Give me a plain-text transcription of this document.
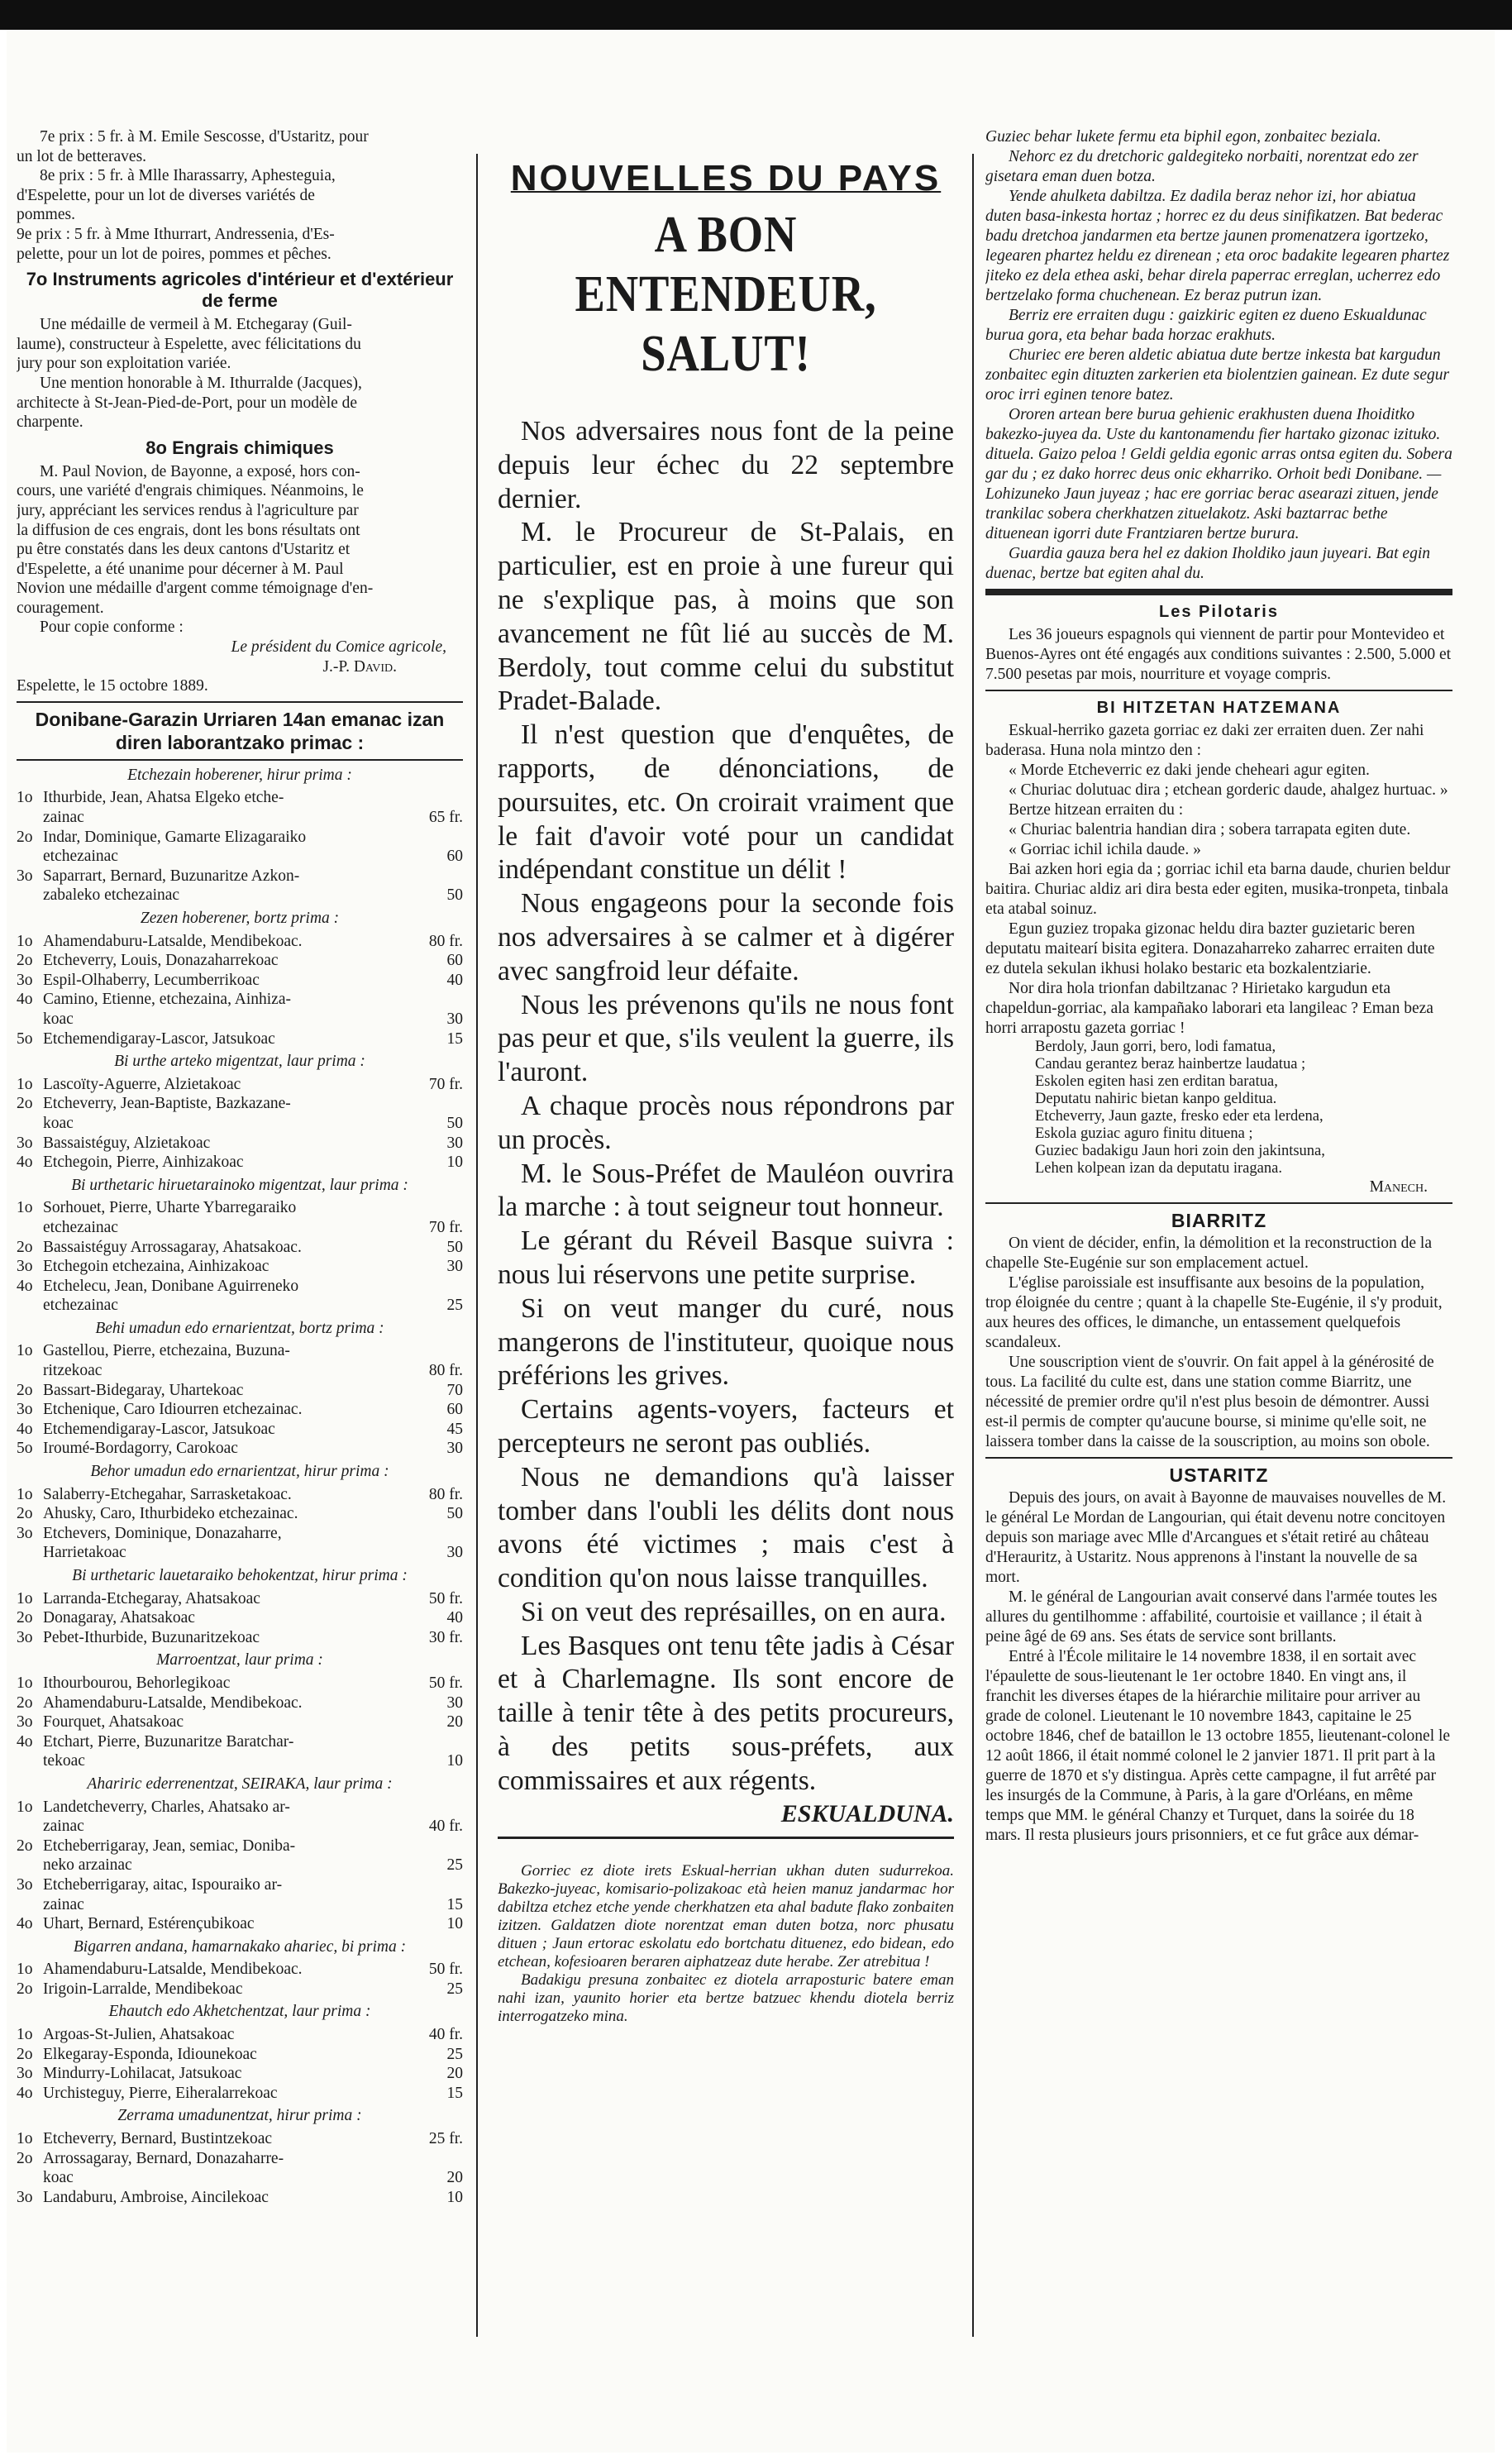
7e prix : 5 fr. à M. Emile Sescosse, d'Ustaritz, pour

un lot de betteraves.

8e prix : 5 fr. à Mlle Iharassarry, Aphesteguia,

d'Espelette, pour un lot de diverses variétés de

pommes.

9e prix : 5 fr. à Mme Ithurrart, Andressenia, d'Es-

pelette, pour un lot de poires, pommes et pêches.

7o Instruments agricoles d'intérieur et d'extérieur de ferme

Une médaille de vermeil à M. Etchegaray (Guil-

laume), constructeur à Espelette, avec félicitations du

jury pour son exploitation variée.

Une mention honorable à M. Ithurralde (Jacques),

architecte à St-Jean-Pied-de-Port, pour un modèle de

charpente.

8o Engrais chimiques

M. Paul Novion, de Bayonne, a exposé, hors con-

cours, une variété d'engrais chimiques. Néanmoins, le

jury, appréciant les services rendus à l'agriculture par

la diffusion de ces engrais, dont les bons résultats ont

pu être constatés dans les deux cantons d'Ustaritz et

d'Espelette, a été unanime pour décerner à M. Paul

Novion une médaille d'argent comme témoignage d'en-

couragement.

Pour copie conforme :

Le président du Comice agricole,

J.-P. David.

Espelette, le 15 octobre 1889.

Donibane-Garazin Urriaren 14an emanac izan diren laborantzako primac :
Etchezain hoberener, hirur prima :
1o Ithurbide, Jean, Ahatsa Elgeko etche-
zainac	65 fr.
2o Indar, Dominique, Gamarte Elizagaraiko
etchezainac	60
3o Saparrart, Bernard, Buzunaritze Azkon-
zabaleko etchezainac	50
Zezen hoberener, bortz prima :
1o Ahamendaburu-Latsalde, Mendibekoac.	80 fr.
2o Etcheverry, Louis, Donazaharrekoac	60
3o Espil-Olhaberry, Lecumberrikoac	40
4o Camino, Etienne, etchezaina, Ainhiza-
koac	30
5o Etchemendigaray-Lascor, Jatsukoac	15
Bi urthe arteko migentzat, laur prima :
1o Lascoïty-Aguerre, Alzietakoac	70 fr.
2o Etcheverry, Jean-Baptiste, Bazkazane-
koac	50
3o Bassaistéguy, Alzietakoac	30
4o Etchegoin, Pierre, Ainhizakoac	10
Bi urthetaric hiruetarainoko migentzat, laur prima :
1o Sorhouet, Pierre, Uharte Ybarregaraiko
etchezainac	70 fr.
2o Bassaistéguy Arrossagaray, Ahatsakoac.	50
3o Etchegoin etchezaina, Ainhizakoac	30
4o Etchelecu, Jean, Donibane Aguirreneko
etchezainac	25
Behi umadun edo ernarientzat, bortz prima :
1o Gastellou, Pierre, etchezaina, Buzuna-
ritzekoac	80 fr.
2o Bassart-Bidegaray, Uhartekoac	70
3o Etchenique, Caro Idiourren etchezainac.	60
4o Etchemendigaray-Lascor, Jatsukoac	45
5o Iroumé-Bordagorry, Carokoac	30
Behor umadun edo ernarientzat, hirur prima :
1o Salaberry-Etchegahar, Sarrasketakoac.	80 fr.
2o Ahusky, Caro, Ithurbideko etchezainac.	50
3o Etchevers, Dominique, Donazaharre,
Harrietakoac	30
Bi urthetaric lauetaraiko behokentzat, hirur prima :
1o Larranda-Etchegaray, Ahatsakoac	50 fr.
2o Donagaray, Ahatsakoac	40
3o Pebet-Ithurbide, Buzunaritzekoac	30 fr.
Marroentzat, laur prima :
1o Ithourbourou, Behorlegikoac	50 fr.
2o Ahamendaburu-Latsalde, Mendibekoac.	30
3o Fourquet, Ahatsakoac	20
4o Etchart, Pierre, Buzunaritze Baratchar-
tekoac	10
Ahariric ederrenentzat, SEIRAKA, laur prima :
1o Landetcheverry, Charles, Ahatsako ar-
zainac	40 fr.
2o Etcheberrigaray, Jean, semiac, Doniba-
neko arzainac	25
3o Etcheberrigaray, aitac, Ispouraiko ar-
zainac	15
4o Uhart, Bernard, Estérençubikoac	10
Bigarren andana, hamarnakako ahariec, bi prima :
1o Ahamendaburu-Latsalde, Mendibekoac.	50 fr.
2o Irigoin-Larralde, Mendibekoac	25
Ehautch edo Akhetchentzat, laur prima :
1o Argoas-St-Julien, Ahatsakoac	40 fr.
2o Elkegaray-Esponda, Idiounekoac	25
3o Mindurry-Lohilacat, Jatsukoac	20
4o Urchisteguy, Pierre, Eiheralarrekoac	15
Zerrama umadunentzat, hirur prima :
1o Etcheverry, Bernard, Bustintzekoac	25 fr.
2o Arrossagaray, Bernard, Donazaharre-
koac	20
3o Landaburu, Ambroise, Aincilekoac	10
NOUVELLES DU PAYS
A BON ENTENDEUR, SALUT!

Nos adversaires nous font de la peine depuis leur échec du 22 septembre dernier.

M. le Procureur de St-Palais, en particulier, est en proie à une fureur qui ne s'explique pas, à moins que son avancement ne fût lié au succès de M. Berdoly, tout comme celui du substitut Pradet-Balade.

Il n'est question que d'enquêtes, de rapports, de dénonciations, de poursuites, etc. On croirait vraiment que le fait d'avoir voté pour un candidat indépendant constitue un délit !

Nous engageons pour la seconde fois nos adversaires à se calmer et à digérer avec sangfroid leur défaite.

Nous les prévenons qu'ils ne nous font pas peur et que, s'ils veulent la guerre, ils l'auront.

A chaque procès nous répondrons par un procès.

M. le Sous-Préfet de Mauléon ouvrira la marche : à tout seigneur tout honneur.

Le gérant du Réveil Basque suivra : nous lui réservons une petite surprise.

Si on veut manger du curé, nous mangerons de l'instituteur, quoique nous préférions les grives.

Certains agents-voyers, facteurs et percepteurs ne seront pas oubliés.

Nous ne demandions qu'à laisser tomber dans l'oubli les délits dont nous avons été victimes ; mais c'est à condition qu'on nous laisse tranquilles.

Si on veut des représailles, on en aura.

Les Basques ont tenu tête jadis à César et à Charlemagne. Ils sont encore de taille à tenir tête à des petits procureurs, à des petits sous-préfets, aux commissaires et aux régents.

ESKUALDUNA.

Gorriec ez diote irets Eskual-herrian ukhan duten sudurrekoa. Bakezko-juyeac, komisario-polizakoac età heien manuz jandarmac hor dabiltza etchez etche yende cherkhatzen eta ahal badute flako zonbaiten izitzen. Galdatzen diote norentzat eman duten botza, norc phusatu dituen ; Jaun ertorac eskolatu edo bortchatu dituenez, edo bidean, edo etchean, kofesioaren beraren aiphatzeaz dute herabe. Zer atrebitua !

Badakigu presuna zonbaitec ez diotela arraposturic batere eman nahi izan, yaunito horier eta bertze batzuec khendu diotela berriz interrogatzeko mina.

Guziec behar lukete fermu eta biphil egon, zonbaitec beziala.

Nehorc ez du dretchoric galdegiteko norbaiti, norentzat edo zer gisetara eman duen botza.

Yende ahulketa dabiltza. Ez dadila beraz nehor izi, hor abiatua duten basa-inkesta hortaz ; horrec ez du deus sinifikatzen. Bat bederac badu dretchoa jandarmen eta bertze jaunen promenatzera igortzeko, legearen phartez heldu ez direnean ; eta oroc badakite legearen phartez jiteko ez dela ethea aski, behar direla paperrac erreglan, ucherrez edo bertzelako forma chuchenean. Ez beraz putrun izan.

Berriz ere erraiten dugu : gaizkiric egiten ez dueno Eskualdunac burua gora, eta behar bada horzac erakhuts.

Churiec ere beren aldetic abiatua dute bertze inkesta bat kargudun zonbaitec egin dituzten zarkerien eta biolentzien gainean. Ez dute segur oroc irri eginen tenore batez.

Ororen artean bere burua gehienic erakhusten duena Ihoiditko bakezko-juyea da. Uste du kantonamendu fier hartako gizonac izituko. dituela. Gaizo peloa ! Geldi geldia egonic arras ontsa egiten du. Sobera gar du ; ez dako horrec deus onic ekharriko. Orhoit bedi Donibane. — Lohizuneko Jaun juyeaz ; hac ere gorriac berac asearazi zituen, jende trankilac sobera cherkhatzen zituelakotz. Aski baztarrac bethe dituenean igorri dute Frantziaren bertze burura.

Guardia gauza bera hel ez dakion Iholdiko jaun juyeari. Bat egin duenac, bertze bat egiten ahal du.

Les Pilotaris

Les 36 joueurs espagnols qui viennent de partir pour Montevideo et Buenos-Ayres ont été engagés aux conditions suivantes : 2.500, 5.000 et 7.500 pesetas par mois, nourriture et voyage compris.

BI HITZETAN HATZEMANA

Eskual-herriko gazeta gorriac ez daki zer erraiten duen. Zer nahi baderasa. Huna nola mintzo den :

« Morde Etcheverric ez daki jende cheheari agur egiten.

« Churiac dolutuac dira ; etchean gorderic daude, ahalgez hurtuac. »

Bertze hitzean erraiten du :

« Churiac balentria handian dira ; sobera tarrapata egiten dute.

« Gorriac ichil ichila daude. »

Bai azken hori egia da ; gorriac ichil eta barna daude, churien beldur baitira. Churiac aldiz ari dira besta eder egiten, musika-tronpeta, tinbala eta atabal soinuz.

Egun guziez tropaka gizonac heldu dira bazter guzietaric beren deputatu maitearí bisita egitera. Donazaharreko zaharrec erraiten dute ez dutela sekulan ikhusi holako bestaric eta bozkalentziarie.

Nor dira hola trionfan dabiltzanac ? Hirietako kargudun eta chapeldun-gorriac, ala kampañako laborari eta langileac ? Eman beza horri arrapostu gazeta gorriac !

Berdoly, Jaun gorri, bero, lodi famatua,

Candau gerantez beraz hainbertze laudatua ;

Eskolen egiten hasi zen erditan baratua,

Deputatu nahiric bietan kanpo gelditua.

Etcheverry, Jaun gazte, fresko eder eta lerdena,

Eskola guziac aguro finitu dituena ;

Guziec badakigu Jaun hori zoin den jakintsuna,

Lehen kolpean izan da deputatu iragana.

Manech.

BIARRITZ

On vient de décider, enfin, la démolition et la reconstruction de la chapelle Ste-Eugénie sur son emplacement actuel.

L'église paroissiale est insuffisante aux besoins de la population, trop éloignée du centre ; quant à la chapelle Ste-Eugénie, il s'y produit, aux heures des offices, le dimanche, un entassement quelquefois scandaleux.

Une souscription vient de s'ouvrir. On fait appel à la générosité de tous. La facilité du culte est, dans une station comme Biarritz, une nécessité de premier ordre qu'il n'est plus besoin de démontrer. Aussi est-il permis de compter qu'aucune bourse, si minime qu'elle soit, ne laissera tomber dans la caisse de la souscription, au moins son obole.

USTARITZ

Depuis des jours, on avait à Bayonne de mauvaises nouvelles de M. le général Le Mordan de Langourian, qui était devenu notre concitoyen depuis son mariage avec Mlle d'Arcangues et s'était retiré au château d'Herauritz, à Ustaritz. Nous apprenons à l'instant la nouvelle de sa mort.

M. le général de Langourian avait conservé dans l'armée toutes les allures du gentilhomme : affabilité, courtoisie et vaillance ; il était à peine âgé de 69 ans. Ses états de service sont brillants.

Entré à l'École militaire le 14 novembre 1838, il en sortait avec l'épaulette de sous-lieutenant le 1er octobre 1840. En vingt ans, il franchit les diverses étapes de la hiérarchie militaire pour arriver au grade de colonel. Lieutenant le 10 novembre 1843, capitaine le 25 octobre 1846, chef de bataillon le 13 octobre 1855, lieutenant-colonel le 12 août 1866, il était nommé colonel le 2 janvier 1871. Il prit part à la guerre de 1870 et s'y distingua. Après cette campagne, il fut arrêté par les insurgés de la Commune, à Paris, à la gare d'Orléans, en même temps que MM. le général Chanzy et Turquet, dans la soirée du 18 mars. Il resta plusieurs jours prisonniers, et ce fut grâce aux démar-
